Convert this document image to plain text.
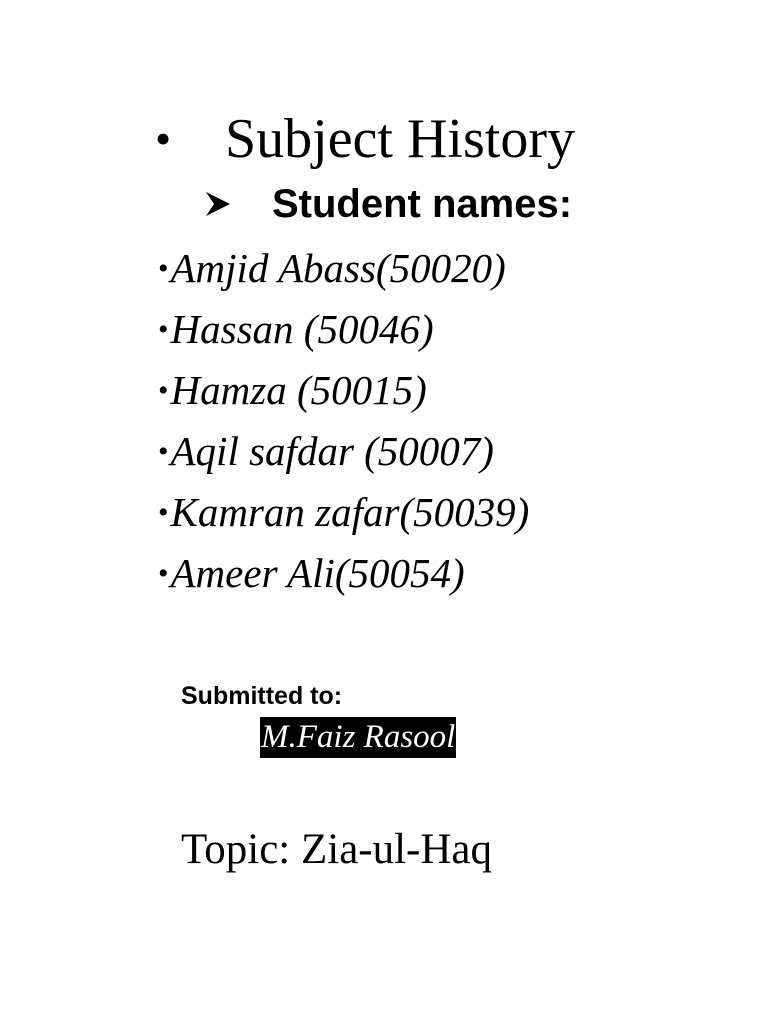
• Subject History
Student names:
• Amjid Abass(50020)
• Hassan (50046)
• Hamza (50015)
• Aqil safdar (50007)
• Kamran zafar(50039)
• Ameer Ali(50054)
Submitted to:
M.Faiz Rasool
Topic: Zia-ul-Haq
